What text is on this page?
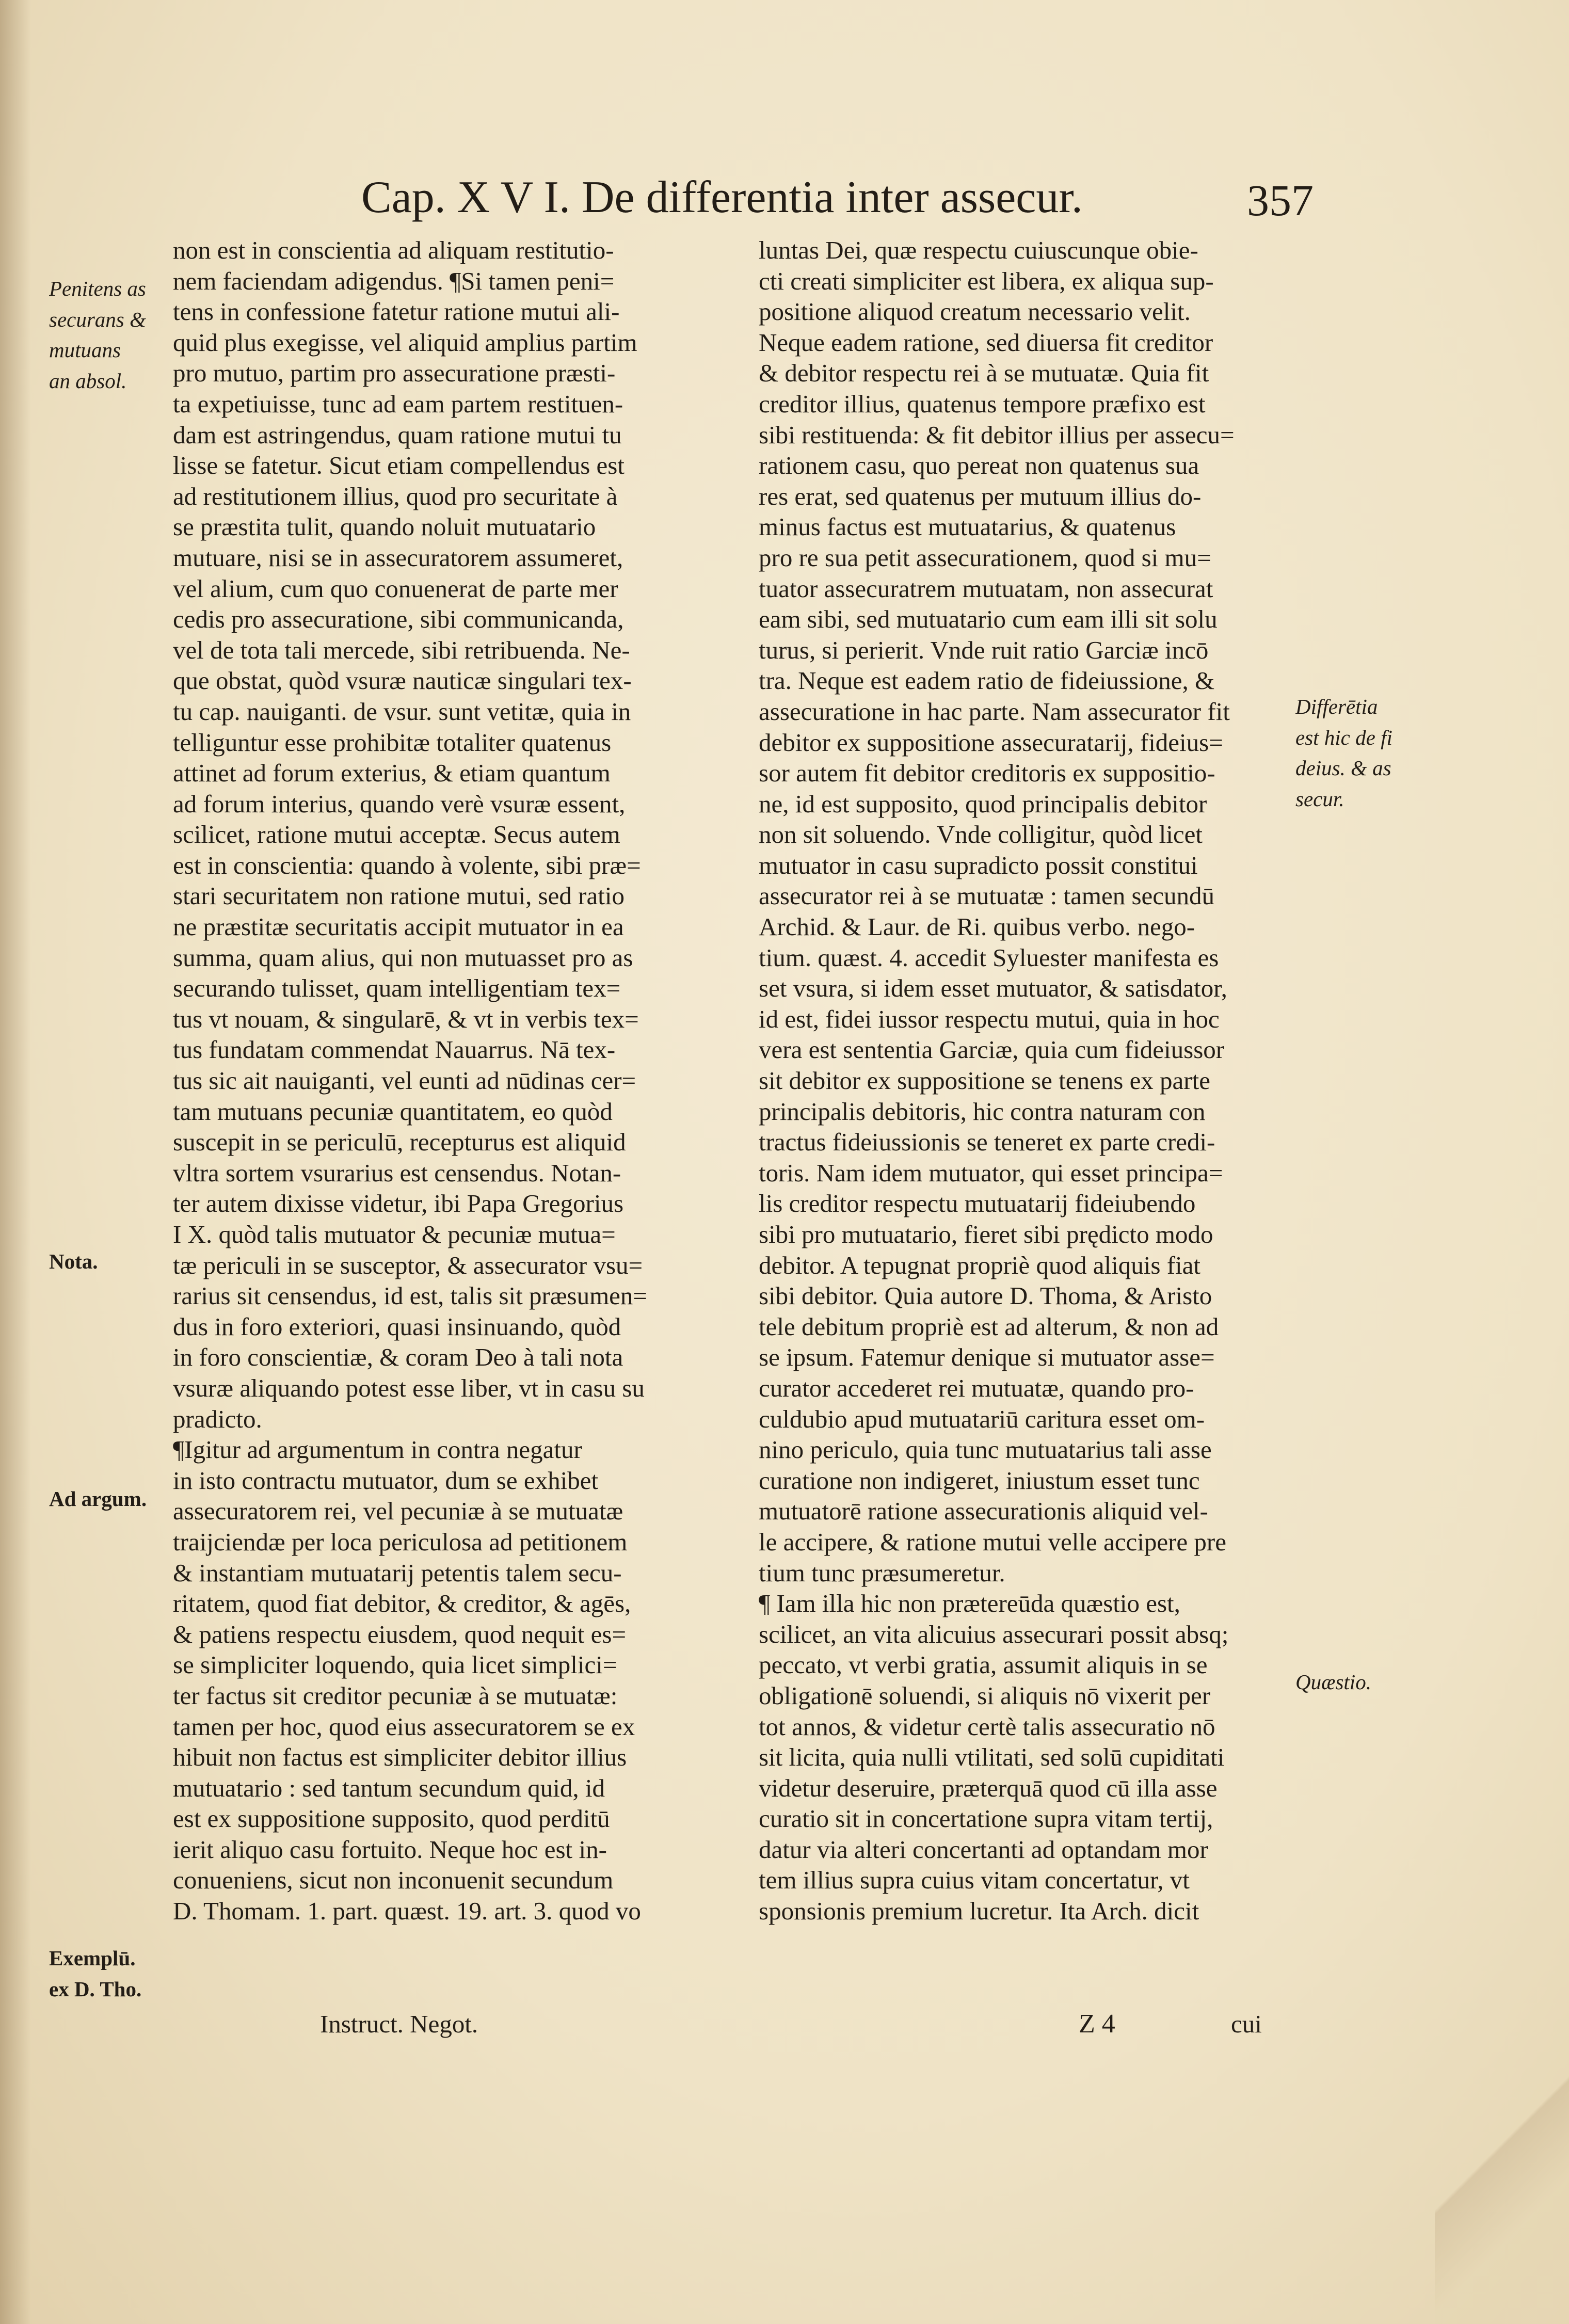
Cap. X V I. De differentia inter assecur.	357
non est in conscientia ad aliquam restitutio-
nem faciendam adigendus. ¶Si tamen peni=
tens in confessione fatetur ratione mutui ali-
quid plus exegisse, vel aliquid amplius partim
pro mutuo, partim pro assecuratione præsti-
ta expetiuisse, tunc ad eam partem restituen-
dam est astringendus, quam ratione mutui tu
lisse se fatetur. Sicut etiam compellendus est
ad restitutionem illius, quod pro securitate à
se præstita tulit, quando noluit mutuatario
mutuare, nisi se in assecuratorem assumeret,
vel alium, cum quo conuenerat de parte mer
cedis pro assecuratione, sibi communicanda,
vel de tota tali mercede, sibi retribuenda. Ne-
que obstat, quòd vsuræ nauticæ singulari tex-
tu cap. nauiganti. de vsur. sunt vetitæ, quia in
telliguntur esse prohibitæ totaliter quatenus
attinet ad forum exterius, & etiam quantum
ad forum interius, quando verè vsuræ essent,
scilicet, ratione mutui acceptæ. Secus autem
est in conscientia: quando à volente, sibi præ=
stari securitatem non ratione mutui, sed ratio
ne præstitæ securitatis accipit mutuator in ea
summa, quam alius, qui non mutuasset pro as
securando tulisset, quam intelligentiam tex=
tus vt nouam, & singularē, & vt in verbis tex=
tus fundatam commendat Nauarrus. Nā tex-
tus sic ait nauiganti, vel eunti ad nūdinas cer=
tam mutuans pecuniæ quantitatem, eo quòd
suscepit in se periculū, recepturus est aliquid
vltra sortem vsurarius est censendus. Notan-
ter autem dixisse videtur, ibi Papa Gregorius
I X. quòd talis mutuator & pecuniæ mutua=
tæ periculi in se susceptor, & assecurator vsu=
rarius sit censendus, id est, talis sit præsumen=
dus in foro exteriori, quasi insinuando, quòd
in foro conscientiæ, & coram Deo à tali nota
vsuræ aliquando potest esse liber, vt in casu su
pradicto.
¶Igitur ad argumentum in contra negatur
in isto contractu mutuator, dum se exhibet
assecuratorem rei, vel pecuniæ à se mutuatæ
traijciendæ per loca periculosa ad petitionem
& instantiam mutuatarij petentis talem secu-
ritatem, quod fiat debitor, & creditor, & agēs,
& patiens respectu eiusdem, quod nequit es=
se simpliciter loquendo, quia licet simplici=
ter factus sit creditor pecuniæ à se mutuatæ:
tamen per hoc, quod eius assecuratorem se ex
hibuit non factus est simpliciter debitor illius
mutuatario : sed tantum secundum quid, id
est ex suppositione supposito, quod perditū
ierit aliquo casu fortuito. Neque hoc est in-
conueniens, sicut non inconuenit secundum
D. Thomam. 1. part. quæst. 19. art. 3. quod vo
luntas Dei, quæ respectu cuiuscunque obie-
cti creati simpliciter est libera, ex aliqua sup-
positione aliquod creatum necessario velit.
Neque eadem ratione, sed diuersa fit creditor
& debitor respectu rei à se mutuatæ. Quia fit
creditor illius, quatenus tempore præfixo est
sibi restituenda: & fit debitor illius per assecu=
rationem casu, quo pereat non quatenus sua
res erat, sed quatenus per mutuum illius do-
minus factus est mutuatarius, & quatenus
pro re sua petit assecurationem, quod si mu=
tuator assecuratrem mutuatam, non assecurat
eam sibi, sed mutuatario cum eam illi sit solu
turus, si perierit. Vnde ruit ratio Garciæ incō
tra. Neque est eadem ratio de fideiussione, &
assecuratione in hac parte. Nam assecurator fit
debitor ex suppositione assecuratarij, fideius=
sor autem fit debitor creditoris ex suppositio-
ne, id est supposito, quod principalis debitor
non sit soluendo. Vnde colligitur, quòd licet
mutuator in casu supradicto possit constitui
assecurator rei à se mutuatæ : tamen secundū
Archid. & Laur. de Ri. quibus verbo. nego-
tium. quæst. 4. accedit Syluester manifesta es
set vsura, si idem esset mutuator, & satisdator,
id est, fidei iussor respectu mutui, quia in hoc
vera est sententia Garciæ, quia cum fideiussor
sit debitor ex suppositione se tenens ex parte
principalis debitoris, hic contra naturam con
tractus fideiussionis se teneret ex parte credi-
toris. Nam idem mutuator, qui esset principa=
lis creditor respectu mutuatarij fideiubendo
sibi pro mutuatario, fieret sibi prędicto modo
debitor. A tepugnat propriè quod aliquis fiat
sibi debitor. Quia autore D. Thoma, & Aristo
tele debitum propriè est ad alterum, & non ad
se ipsum. Fatemur denique si mutuator asse=
curator accederet rei mutuatæ, quando pro-
culdubio apud mutuatariū caritura esset om-
nino periculo, quia tunc mutuatarius tali asse
curatione non indigeret, iniustum esset tunc
mutuatorē ratione assecurationis aliquid vel-
le accipere, & ratione mutui velle accipere pre
tium tunc præsumeretur.
¶ Iam illa hic non prætereūda quæstio est,
scilicet, an vita alicuius assecurari possit absq;
peccato, vt verbi gratia, assumit aliquis in se
obligationē soluendi, si aliquis nō vixerit per
tot annos, & videtur certè talis assecuratio nō
sit licita, quia nulli vtilitati, sed solū cupiditati
videtur deseruire, præterquā quod cū illa asse
curatio sit in concertatione supra vitam tertij,
datur via alteri concertanti ad optandam mor
tem illius supra cuius vitam concertatur, vt
sponsionis premium lucretur. Ita Arch. dicit
Penitens as
securans &
mutuans
an absol.
Nota.
Ad argum.
Exemplū.
ex D. Tho.
Differētia
est hic de fi
deius. & as
secur.
Quæstio.
Instruct. Negot.	Z 4	cui
